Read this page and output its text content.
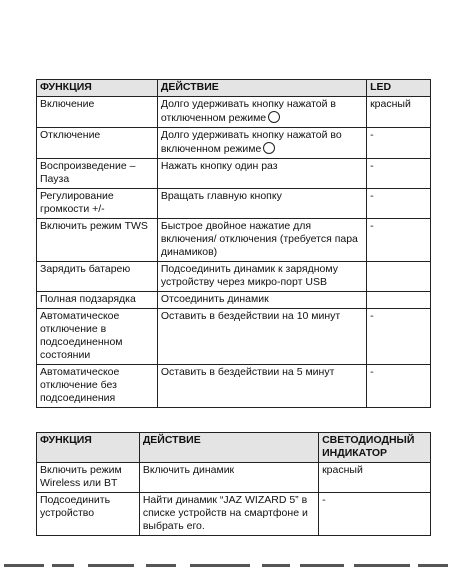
ФУНКЦИЯ	ДЕЙСТВИЕ	LED
Включение	Долго удерживать кнопку нажатой в отключенном режиме	красный
Отключение	Долго удерживать кнопку нажатой во включенном режиме	-
Воспроизведение – Пауза	Нажать кнопку один раз	-
Регулирование громкости +/-	Вращать главную кнопку	-
Включить режим TWS	Быстрое двойное нажатие для включения/ отключения (требуется пара динамиков)	-
Зарядить батарею	Подсоединить динамик к зарядному устройству через микро-порт USB	
Полная подзарядка	Отсоединить динамик	
Автоматическое отключение в подсоединенном состоянии	Оставить в бездействии на 10 минут	-
Автоматическое отключение без подсоединения	Оставить в бездействии на 5 минут	-
ФУНКЦИЯ	ДЕЙСТВИЕ	СВЕТОДИОДНЫЙ ИНДИКАТОР
Включить режим Wireless или BT	Включить динамик	красный
Подсоединить устройство	Найти динамик “JAZ WIZARD 5” в списке устройств на смартфоне и выбрать его.	-
